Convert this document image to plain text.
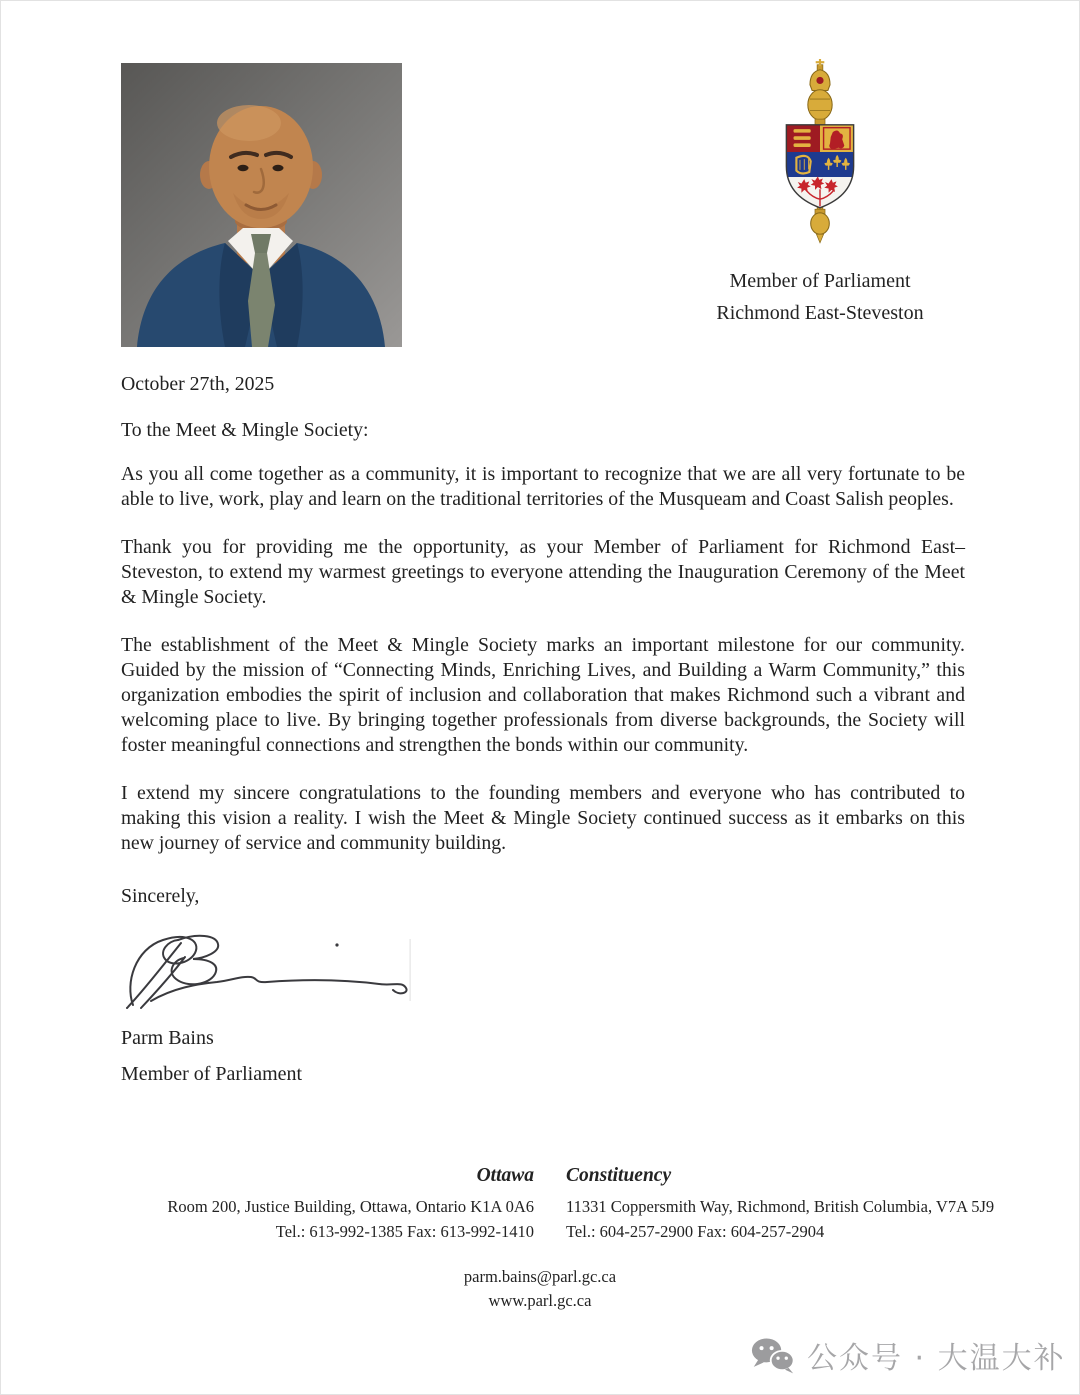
Member of Parliament
Richmond East-Steveston
October 27th, 2025
To the Meet & Mingle Society:

As you all come together as a community, it is important to recognize that we are all very fortunate to be able to live, work, play and learn on the traditional territories of the Musqueam and Coast Salish peoples.

Thank you for providing me the opportunity, as your Member of Parliament for Richmond East–Steveston, to extend my warmest greetings to everyone attending the Inauguration Ceremony of the Meet & Mingle Society.

The establishment of the Meet & Mingle Society marks an important milestone for our community. Guided by the mission of “Connecting Minds, Enriching Lives, and Building a Warm Community,” this organization embodies the spirit of inclusion and collaboration that makes Richmond such a vibrant and welcoming place to live. By bringing together professionals from diverse backgrounds, the Society will foster meaningful connections and strengthen the bonds within our community.

I extend my sincere congratulations to the founding members and everyone who has contributed to making this vision a reality. I wish the Meet & Mingle Society continued success as it embarks on this new journey of service and community building.

Sincerely,
Parm Bains
Member of Parliament
Ottawa
Room 200, Justice Building, Ottawa, Ontario K1A 0A6
Tel.: 613-992-1385 Fax: 613-992-1410
Constituency
11331 Coppersmith Way, Richmond, British Columbia, V7A 5J9
Tel.: 604-257-2900 Fax: 604-257-2904
parm.bains@parl.gc.ca
www.parl.gc.ca
公众号 · 大温大补
